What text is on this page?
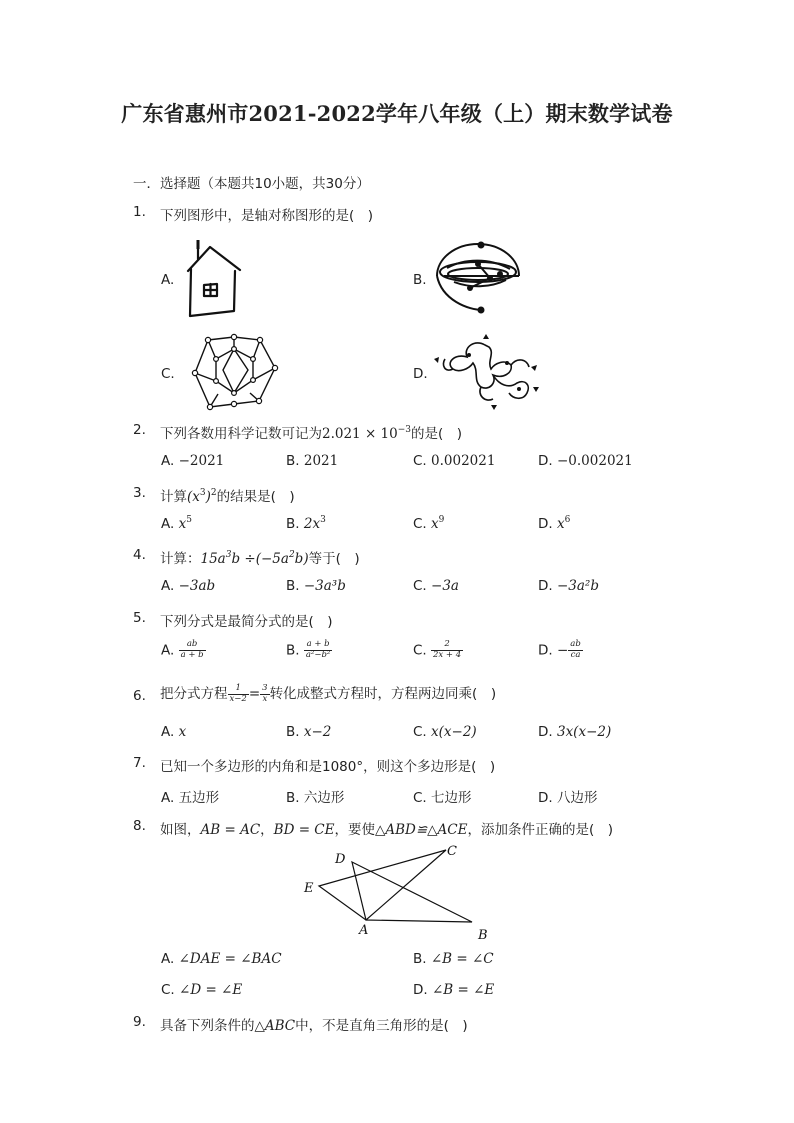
广东省惠州市2021-2022学年八年级（上）期末数学试卷
一．选择题（本题共10小题，共30分）
1. 下列图形中，是轴对称图形的是(　)
A.	B.
C.	D.
2. 下列各数用科学记数可记为$2.021 \times 10^{-3}$的是(　)
A. −2021	B. 2021	C. 0.002021	D. −0.002021
3. 计算$(x^3)^2$的结果是(　)
A. $x^5$	B. $2x^3$	C. $x^9$	D. $x^6$
4. 计算：$15a^3b \div(-5a^2b)$等于(　)
A. −3ab	B. −3a³b	C. −3a	D. −3a²b
5. 下列分式是最简分式的是(　)
A. $\frac{ab}{a + b}$	B. $\frac{a + b}{\text{a²−b²}}$	C. $\frac{2}{2x + 4}$	D. − $\frac{ab}{ca}$
6. 把分式方程 $\frac{1}{x-2} = \frac{3}{x}$ 转化成整式方程时，方程两边同乘(　)
A. x	B. x−2	C. x(x−2)	D. 3x(x−2)
7. 已知一个多边形的内角和是1080°，则这个多边形是(　)
A. 五边形	B. 六边形	C. 七边形	D. 八边形
8. 如图，AB = AC，BD = CE，要使△ABD≌△ACE，添加条件正确的是(　)
D
C
E
A	B
A. ∠DAE = ∠BAC	B. ∠B = ∠C
C. ∠D = ∠E	D. ∠B = ∠E
9. 具备下列条件的△ABC中，不是直角三角形的是(　)
